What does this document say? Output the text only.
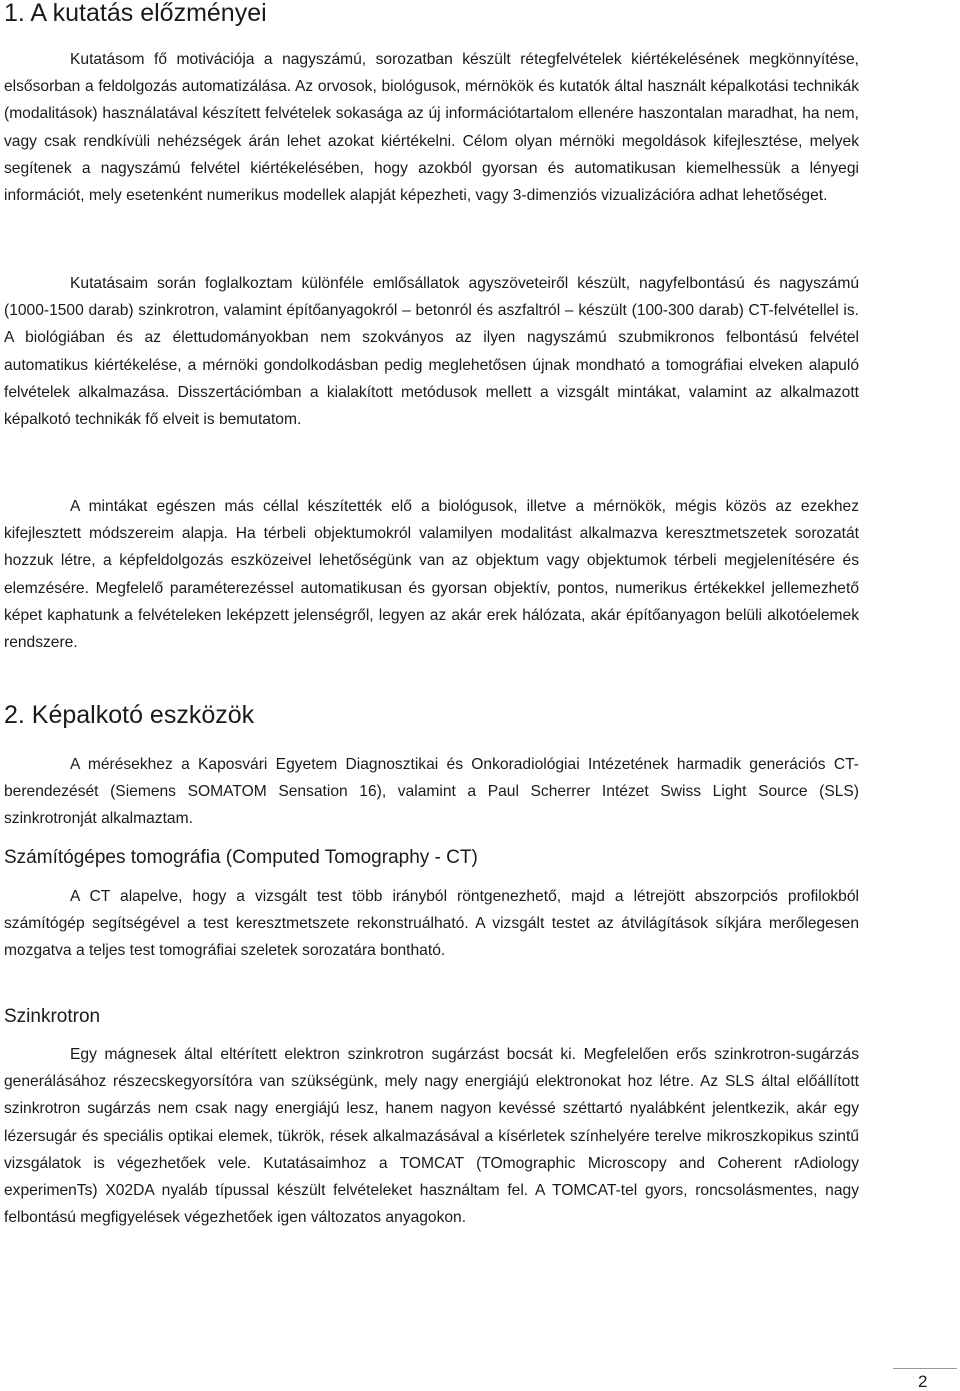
1. A kutatás előzményei

Kutatásom fő motivációja a nagyszámú, sorozatban készült rétegfelvételek kiértékelésének megkönnyítése, elsősorban a feldolgozás automatizálása. Az orvosok, biológusok, mérnökök és kutatók által használt képalkotási technikák (modalitások) használatával készített felvételek sokasága az új információtartalom ellenére haszontalan maradhat, ha nem, vagy csak rendkívüli nehézségek árán lehet azokat kiértékelni. Célom olyan mérnöki megoldások kifejlesztése, melyek segítenek a nagyszámú felvétel kiértékelésében, hogy azokból gyorsan és automatikusan kiemelhessük a lényegi információt, mely esetenként numerikus modellek alapját képezheti, vagy 3-dimenziós vizualizációra adhat lehetőséget.

Kutatásaim során foglalkoztam különféle emlősállatok agyszöveteiről készült, nagyfelbontású és nagyszámú (1000-1500 darab) szinkrotron, valamint építőanyagokról – betonról és aszfaltról – készült (100-300 darab) CT-felvétellel is. A biológiában és az élettudományokban nem szokványos az ilyen nagyszámú szubmikronos felbontású felvétel automatikus kiértékelése, a mérnöki gondolkodásban pedig meglehetősen újnak mondható a tomográfiai elveken alapuló felvételek alkalmazása. Disszertációmban a kialakított metódusok mellett a vizsgált mintákat, valamint az alkalmazott képalkotó technikák fő elveit is bemutatom.

A mintákat egészen más céllal készítették elő a biológusok, illetve a mérnökök, mégis közös az ezekhez kifejlesztett módszereim alapja. Ha térbeli objektumokról valamilyen modalitást alkalmazva keresztmetszetek sorozatát hozzuk létre, a képfeldolgozás eszközeivel lehetőségünk van az objektum vagy objektumok térbeli megjelenítésére és elemzésére. Megfelelő paraméterezéssel automatikusan és gyorsan objektív, pontos, numerikus értékekkel jellemezhető képet kaphatunk a felvételeken leképzett jelenségről, legyen az akár erek hálózata, akár építőanyagon belüli alkotóelemek rendszere.

2. Képalkotó eszközök

A mérésekhez a Kaposvári Egyetem Diagnosztikai és Onkoradiológiai Intézetének harmadik generációs CT-berendezését (Siemens SOMATOM Sensation 16), valamint a Paul Scherrer Intézet Swiss Light Source (SLS) szinkrotronját alkalmaztam.

Számítógépes tomográfia (Computed Tomography - CT)

A CT alapelve, hogy a vizsgált test több irányból röntgenezhető, majd a létrejött abszorpciós profilokból számítógép segítségével a test keresztmetszete rekonstruálható. A vizsgált testet az átvilágítások síkjára merőlegesen mozgatva a teljes test tomográfiai szeletek sorozatára bontható.

Szinkrotron

Egy mágnesek által eltérített elektron szinkrotron sugárzást bocsát ki. Megfelelően erős szinkrotron-sugárzás generálásához részecskegyorsítóra van szükségünk, mely nagy energiájú elektronokat hoz létre. Az SLS által előállított szinkrotron sugárzás nem csak nagy energiájú lesz, hanem nagyon kevéssé széttartó nyalábként jelentkezik, akár egy lézersugár és speciális optikai elemek, tükrök, rések alkalmazásával a kísérletek színhelyére terelve mikroszkopikus szintű vizsgálatok is végezhetőek vele. Kutatásaimhoz a TOMCAT (TOmographic Microscopy and Coherent rAdiology experimenTs) X02DA nyaláb típussal készült felvételeket használtam fel. A TOMCAT-tel gyors, roncsolásmentes, nagy felbontású megfigyelések végezhetőek igen változatos anyagokon.

2
